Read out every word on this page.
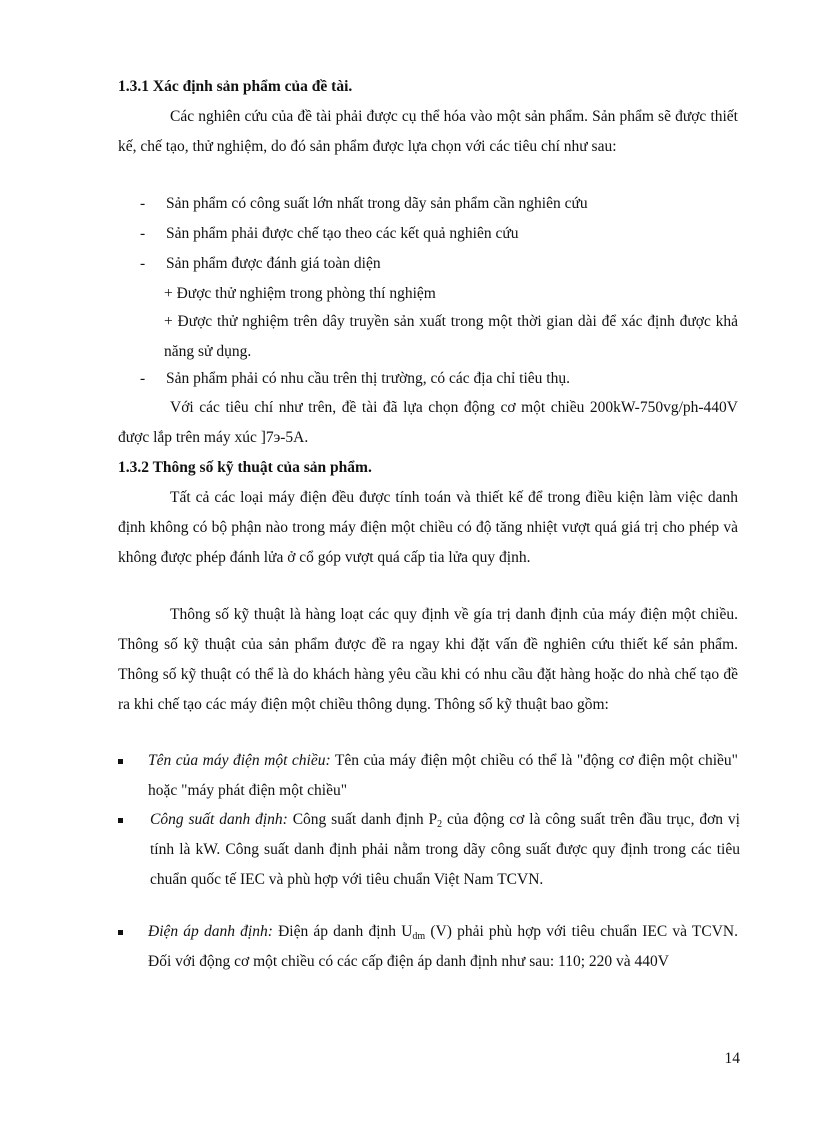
1.3.1 Xác định sản phẩm của đề tài.
Các nghiên cứu của đề tài phải được cụ thể hóa vào một sản phẩm. Sản phẩm sẽ được thiết kế, chế tạo, thử nghiệm, do đó sản phẩm được lựa chọn với các tiêu chí như sau:
- Sản phẩm có công suất lớn nhất trong dãy sản phẩm cần nghiên cứu
- Sản phẩm phải được chế tạo theo các kết quả nghiên cứu
- Sản phẩm được đánh giá toàn diện
+ Được thử nghiệm trong phòng thí nghiệm
+ Được thử nghiệm trên dây truyền sản xuất trong một thời gian dài để xác định được khả năng sử dụng.
- Sản phẩm phải có nhu cầu trên thị trường, có các địa chỉ tiêu thụ.
Với các tiêu chí như trên, đề tài đã lựa chọn động cơ một chiều 200kW-750vg/ph-440V được lắp trên máy xúc ]7э-5A.
1.3.2 Thông số kỹ thuật của sản phẩm.
Tất cả các loại máy điện đều được tính toán và thiết kế để trong điều kiện làm việc danh định không có bộ phận nào trong máy điện một chiều có độ tăng nhiệt vượt quá giá trị cho phép và không được phép đánh lửa ở cổ góp vượt quá cấp tia lửa quy định.
Thông số kỹ thuật là hàng loạt các quy định về gía trị danh định của máy điện một chiều. Thông số kỹ thuật của sản phẩm được đề ra ngay khi đặt vấn đề nghiên cứu thiết kế sản phẩm. Thông số kỹ thuật có thể là do khách hàng yêu cầu khi có nhu cầu đặt hàng hoặc do nhà chế tạo đề ra khi chế tạo các máy điện một chiều thông dụng. Thông số kỹ thuật bao gồm:
Tên của máy điện một chiều: Tên của máy điện một chiều có thể là "động cơ điện một chiều" hoặc "máy phát điện một chiều"
Công suất danh định: Công suất danh định $P_2$ của động cơ là công suất trên đầu trục, đơn vị tính là kW. Công suất danh định phải nằm trong dãy công suất được quy định trong các tiêu chuẩn quốc tế IEC và phù hợp với tiêu chuẩn Việt Nam TCVN.
Điện áp danh định: Điện áp danh định $U_{dm}$ (V) phải phù hợp với tiêu chuẩn IEC và TCVN. Đối với động cơ một chiều có các cấp điện áp danh định như sau: 110; 220 và 440V
14
